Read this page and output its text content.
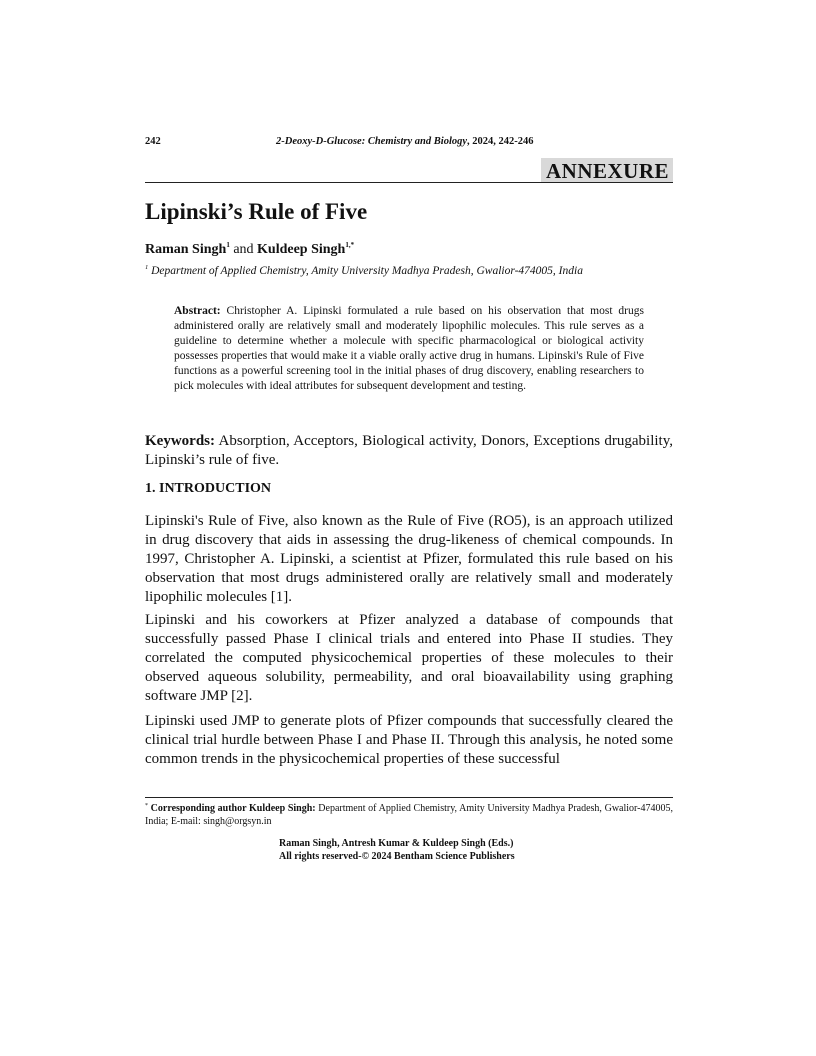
242	2-Deoxy-D-Glucose: Chemistry and Biology, 2024, 242-246
ANNEXURE
Lipinski’s Rule of Five
Raman Singh$^1$ and Kuldeep Singh$^{1,*}$
$^1$ Department of Applied Chemistry, Amity University Madhya Pradesh, Gwalior-474005, India
Abstract: Christopher A. Lipinski formulated a rule based on his observation that most drugs administered orally are relatively small and moderately lipophilic molecules. This rule serves as a guideline to determine whether a molecule with specific pharmacological or biological activity possesses properties that would make it a viable orally active drug in humans. Lipinski's Rule of Five functions as a powerful screening tool in the initial phases of drug discovery, enabling researchers to pick molecules with ideal attributes for subsequent development and testing.
Keywords: Absorption, Acceptors, Biological activity, Donors, Exceptions drugability, Lipinski’s rule of five.
1. INTRODUCTION

Lipinski's Rule of Five, also known as the Rule of Five (RO5), is an approach utilized in drug discovery that aids in assessing the drug-likeness of chemical compounds. In 1997, Christopher A. Lipinski, a scientist at Pfizer, formulated this rule based on his observation that most drugs administered orally are relatively small and moderately lipophilic molecules [1].

Lipinski and his coworkers at Pfizer analyzed a database of compounds that successfully passed Phase I clinical trials and entered into Phase II studies. They correlated the computed physicochemical properties of these molecules to their observed aqueous solubility, permeability, and oral bioavailability using graphing software JMP [2].

Lipinski used JMP to generate plots of Pfizer compounds that successfully cleared the clinical trial hurdle between Phase I and Phase II. Through this analysis, he noted some common trends in the physicochemical properties of these successful

* Corresponding author Kuldeep Singh: Department of Applied Chemistry, Amity University Madhya Pradesh, Gwalior-474005, India; E-mail: singh@orgsyn.in
Raman Singh, Antresh Kumar & Kuldeep Singh (Eds.)
All rights reserved-© 2024 Bentham Science Publishers
